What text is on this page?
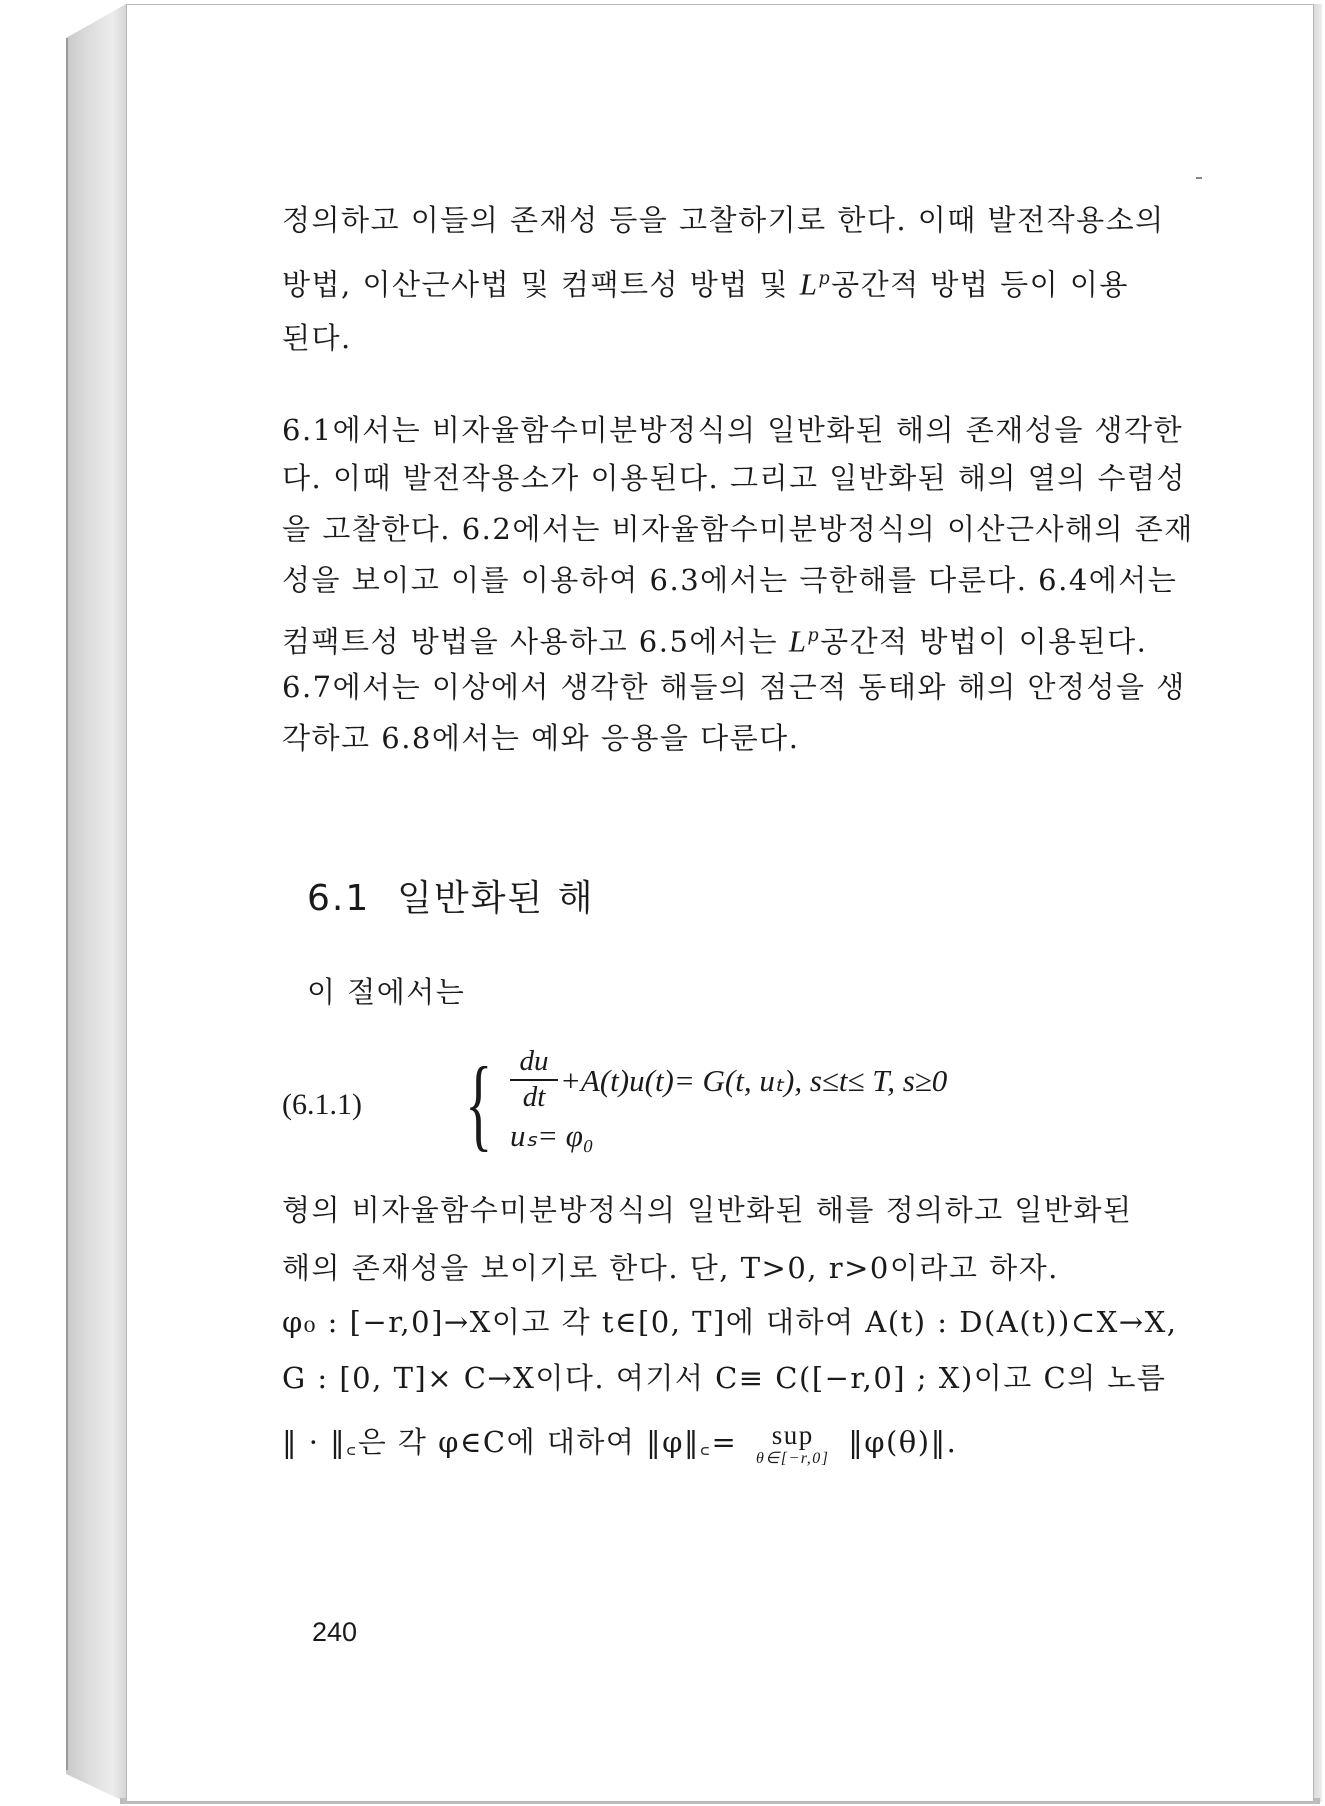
정의하고 이들의 존재성 등을 고찰하기로 한다. 이때 발전작용소의
방법, 이산근사법 및 컴팩트성 방법 및 $L^p$공간적 방법 등이 이용
된다.
6.1에서는 비자율함수미분방정식의 일반화된 해의 존재성을 생각한
다. 이때 발전작용소가 이용된다. 그리고 일반화된 해의 열의 수렴성
을 고찰한다. 6.2에서는 비자율함수미분방정식의 이산근사해의 존재
성을 보이고 이를 이용하여 6.3에서는 극한해를 다룬다. 6.4에서는
컴팩트성 방법을 사용하고 6.5에서는 $L^p$공간적 방법이 이용된다.
6.7에서는 이상에서 생각한 해들의 점근적 동태와 해의 안정성을 생
각하고 6.8에서는 예와 응용을 다룬다.
6.1 일반화된 해
이 절에서는
(6.1.1) { $\frac{du}{dt} +A(t)u(t)= G(t$, uₜ), s≤t≤ T, s≥0
uₛ= φ₀
형의 비자율함수미분방정식의 일반화된 해를 정의하고 일반화된
해의 존재성을 보이기로 한다. 단, T>0, r>0이라고 하자.
φ₀ : [−r,0]→X이고 각 t∈[0, T]에 대하여 A(t) : D(A(t))⊂X→X,
G : [0, T]× C→X이다. 여기서 C≡ C([−r,0] ; X)이고 C의 노름
‖ · ‖꜀은 각 φ∈C에 대하여 ‖φ‖꜀=	sup
θ∈[−r,0] ‖φ(θ)‖.
240
